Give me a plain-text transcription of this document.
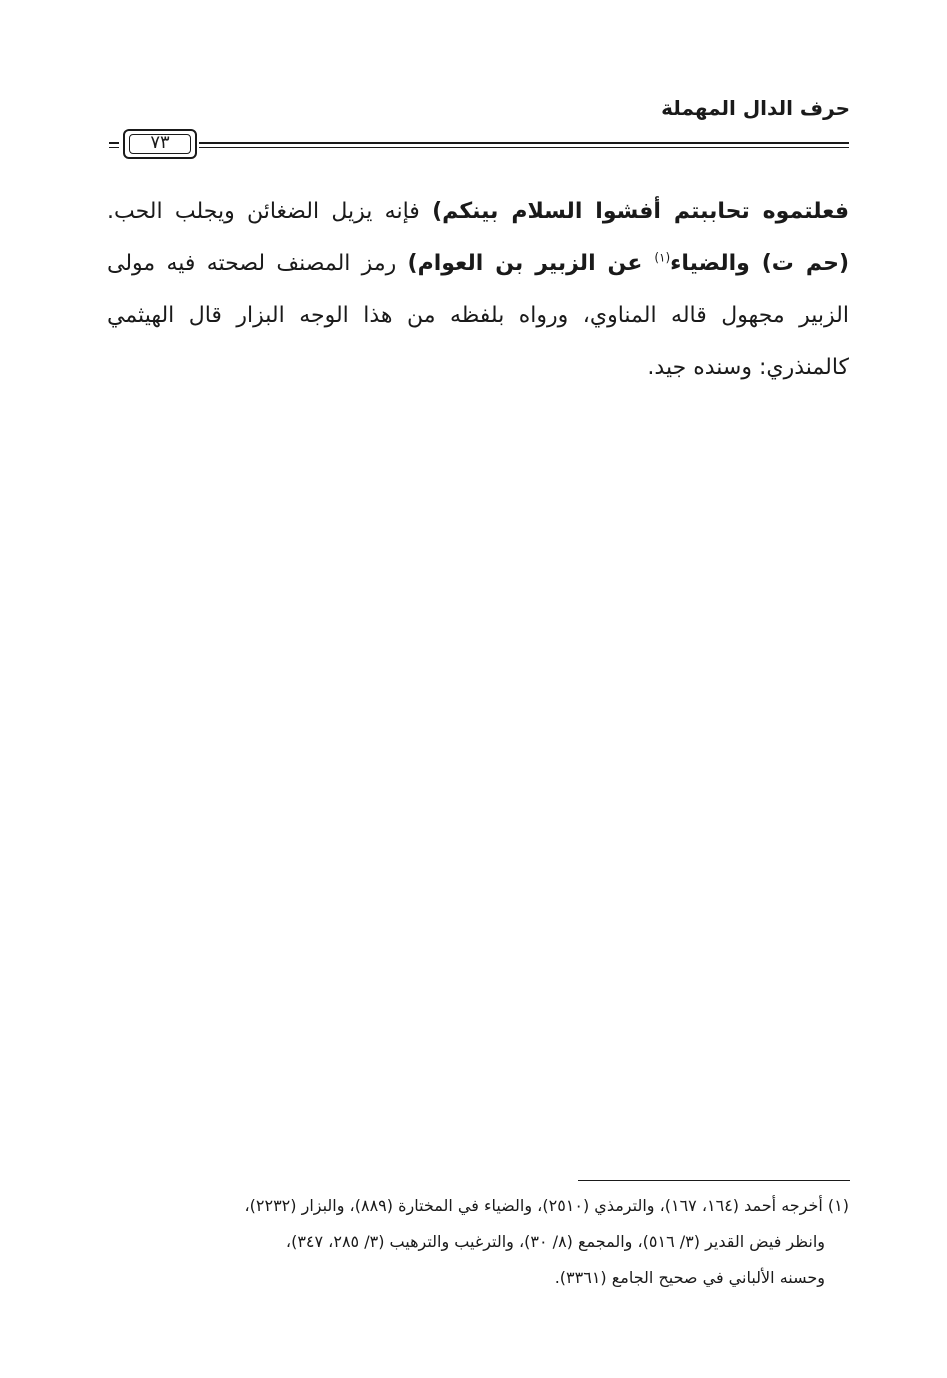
حرف الدال المهملة
٧٣
فعلتموه تحاببتم أفشوا السلام بينكم) فإنه يزيل الضغائن ويجلب الحب. (حم ت) والضياء$^{(١)}$ عن الزبير بن العوام) رمز المصنف لصحته فيه مولى الزبير مجهول قاله المناوي، ورواه بلفظه من هذا الوجه البزار قال الهيثمي كالمنذري: وسنده جيد.
(١) أخرجه أحمد (١٦٤، ١٦٧)، والترمذي (٢٥١٠)، والضياء في المختارة (٨٨٩)، والبزار (٢٢٣٢)،
وانظر فيض القدير (٣/ ٥١٦)، والمجمع (٨/ ٣٠)، والترغيب والترهيب (٣/ ٢٨٥، ٣٤٧)،
وحسنه الألباني في صحيح الجامع (٣٣٦١).
